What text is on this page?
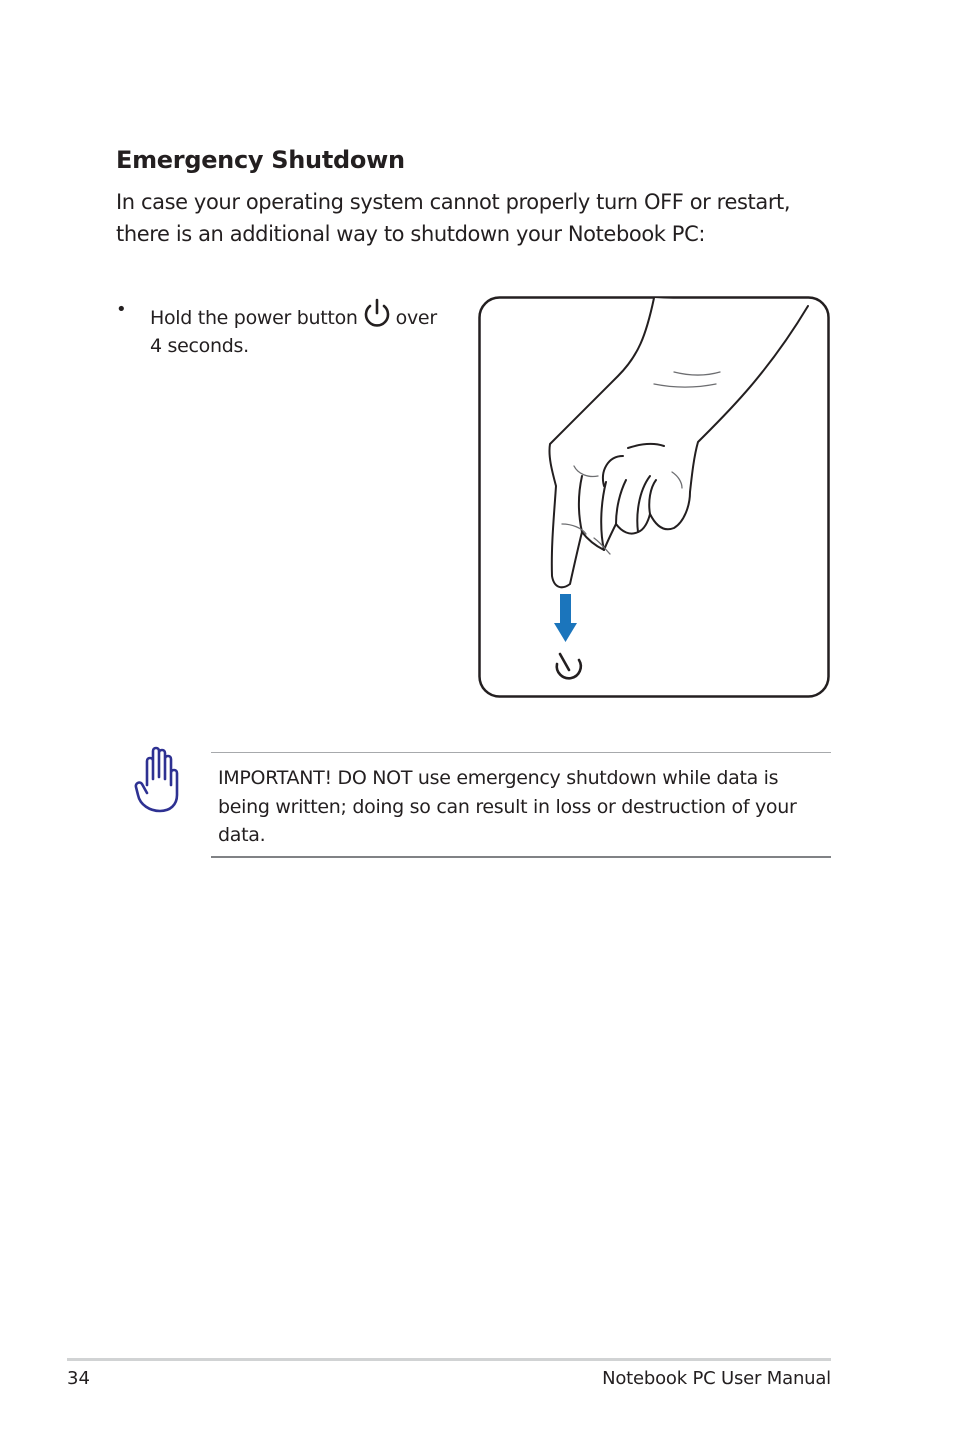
Emergency Shutdown
In case your operating system cannot properly turn OFF or restart,
there is an additional way to shutdown your Notebook PC:
• Hold the power button over
4 seconds.
IMPORTANT! DO NOT use emergency shutdown while data is
being written; doing so can result in loss or destruction of your
data.
34	Notebook PC User Manual
